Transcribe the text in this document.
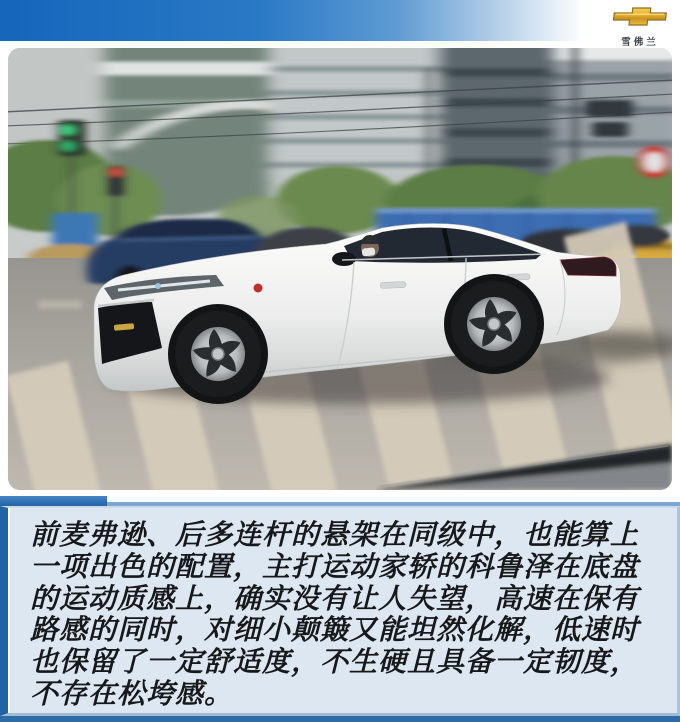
雪佛兰

前麦弗逊、后多连杆的悬架在同级中，也能算上一项出色的配置，主打运动家轿的科鲁泽在底盘的运动质感上，确实没有让人失望，高速在保有路感的同时，对细小颠簸又能坦然化解，低速时也保留了一定舒适度，不生硬且具备一定韧度，不存在松垮感。
